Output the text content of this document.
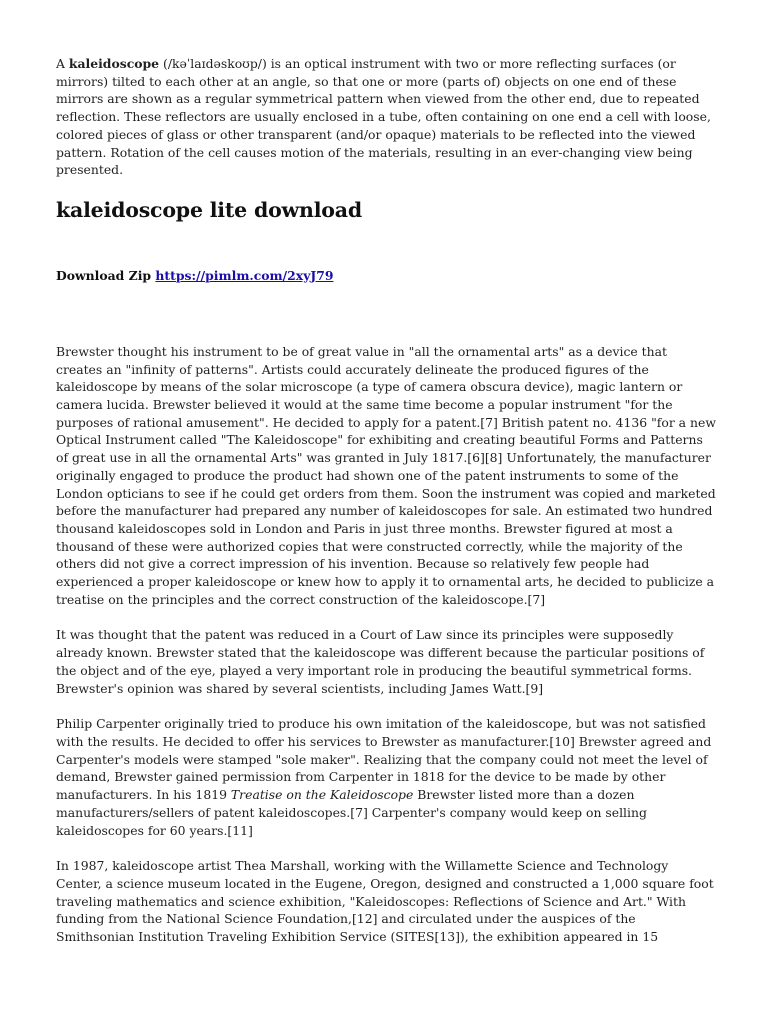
A kaleidoscope (/kəˈlaɪdəskoʊp/) is an optical instrument with two or more reflecting surfaces (or mirrors) tilted to each other at an angle, so that one or more (parts of) objects on one end of these mirrors are shown as a regular symmetrical pattern when viewed from the other end, due to repeated reflection. These reflectors are usually enclosed in a tube, often containing on one end a cell with loose, colored pieces of glass or other transparent (and/or opaque) materials to be reflected into the viewed pattern. Rotation of the cell causes motion of the materials, resulting in an ever-changing view being presented.

kaleidoscope lite download
Download Zip https://pimlm.com/2xyJ79

Brewster thought his instrument to be of great value in "all the ornamental arts" as a device that creates an "infinity of patterns". Artists could accurately delineate the produced figures of the kaleidoscope by means of the solar microscope (a type of camera obscura device), magic lantern or camera lucida. Brewster believed it would at the same time become a popular instrument "for the purposes of rational amusement". He decided to apply for a patent.[7] British patent no. 4136 "for a new Optical Instrument called "The Kaleidoscope" for exhibiting and creating beautiful Forms and Patterns of great use in all the ornamental Arts" was granted in July 1817.[6][8] Unfortunately, the manufacturer originally engaged to produce the product had shown one of the patent instruments to some of the London opticians to see if he could get orders from them. Soon the instrument was copied and marketed before the manufacturer had prepared any number of kaleidoscopes for sale. An estimated two hundred thousand kaleidoscopes sold in London and Paris in just three months. Brewster figured at most a thousand of these were authorized copies that were constructed correctly, while the majority of the others did not give a correct impression of his invention. Because so relatively few people had experienced a proper kaleidoscope or knew how to apply it to ornamental arts, he decided to publicize a treatise on the principles and the correct construction of the kaleidoscope.[7]

It was thought that the patent was reduced in a Court of Law since its principles were supposedly already known. Brewster stated that the kaleidoscope was different because the particular positions of the object and of the eye, played a very important role in producing the beautiful symmetrical forms. Brewster's opinion was shared by several scientists, including James Watt.[9]

Philip Carpenter originally tried to produce his own imitation of the kaleidoscope, but was not satisfied with the results. He decided to offer his services to Brewster as manufacturer.[10] Brewster agreed and Carpenter's models were stamped "sole maker". Realizing that the company could not meet the level of demand, Brewster gained permission from Carpenter in 1818 for the device to be made by other manufacturers. In his 1819 Treatise on the Kaleidoscope Brewster listed more than a dozen manufacturers/sellers of patent kaleidoscopes.[7] Carpenter's company would keep on selling kaleidoscopes for 60 years.[11]

In 1987, kaleidoscope artist Thea Marshall, working with the Willamette Science and Technology Center, a science museum located in the Eugene, Oregon, designed and constructed a 1,000 square foot traveling mathematics and science exhibition, "Kaleidoscopes: Reflections of Science and Art." With funding from the National Science Foundation,[12] and circulated under the auspices of the Smithsonian Institution Traveling Exhibition Service (SITES[13]), the exhibition appeared in 15
